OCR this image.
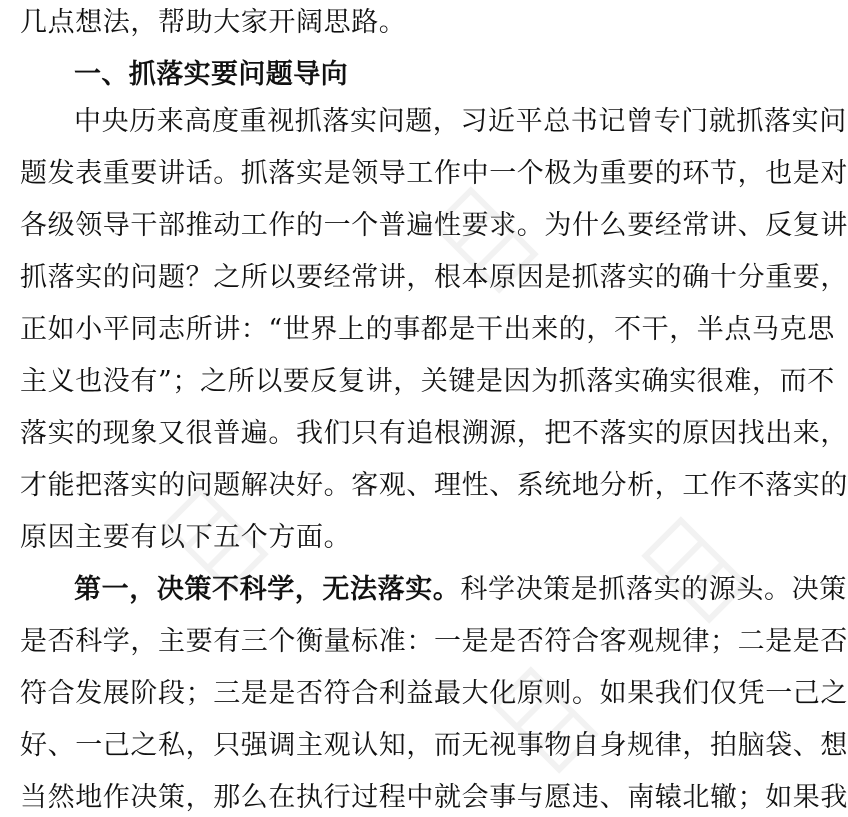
几点想法，帮助大家开阔思路。
一、抓落实要问题导向
中央历来高度重视抓落实问题，习近平总书记曾专门就抓落实问
题发表重要讲话。抓落实是领导工作中一个极为重要的环节，也是对
各级领导干部推动工作的一个普遍性要求。为什么要经常讲、反复讲
抓落实的问题？之所以要经常讲，根本原因是抓落实的确十分重要，
正如小平同志所讲：“世界上的事都是干出来的，不干，半点马克思
主义也没有”；之所以要反复讲，关键是因为抓落实确实很难，而不
落实的现象又很普遍。我们只有追根溯源，把不落实的原因找出来，
才能把落实的问题解决好。客观、理性、系统地分析，工作不落实的
原因主要有以下五个方面。
第一，决策不科学，无法落实。科学决策是抓落实的源头。决策
是否科学，主要有三个衡量标准：一是是否符合客观规律；二是是否
符合发展阶段；三是是否符合利益最大化原则。如果我们仅凭一己之
好、一己之私，只强调主观认知，而无视事物自身规律，拍脑袋、想
当然地作决策，那么在执行过程中就会事与愿违、南辕北辙；如果我
